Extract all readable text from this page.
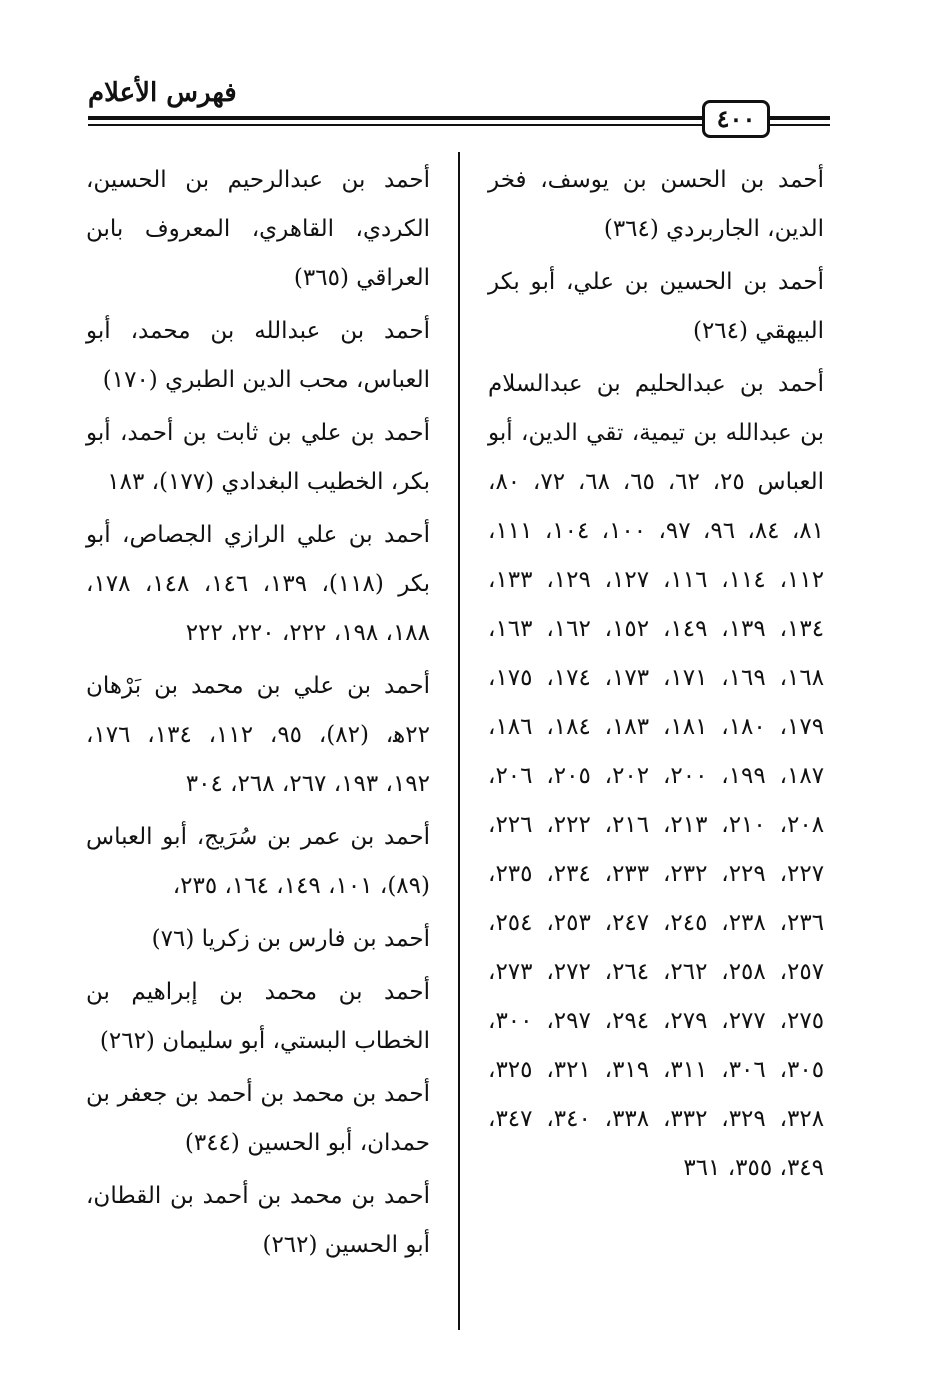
فهرس الأعلام
٤٠٠
أحمد بن الحسن بن يوسف، فخر الدين، الجاربردي (٣٦٤)
أحمد بن الحسين بن علي، أبو بكر البيهقي (٢٦٤)
أحمد بن عبدالحليم بن عبدالسلام بن عبدالله بن تيمية، تقي الدين، أبو العباس ٢٥، ٦٢، ٦٥، ٦٨، ٧٢، ٨٠، ٨١، ٨٤، ٩٦، ٩٧، ١٠٠، ١٠٤، ١١١، ١١٢، ١١٤، ١١٦، ١٢٧، ١٢٩، ١٣٣، ١٣٤، ١٣٩، ١٤٩، ١٥٢، ١٦٢، ١٦٣، ١٦٨، ١٦٩، ١٧١، ١٧٣، ١٧٤، ١٧٥، ١٧٩، ١٨٠، ١٨١، ١٨٣، ١٨٤، ١٨٦، ١٨٧، ١٩٩، ٢٠٠، ٢٠٢، ٢٠٥، ٢٠٦، ٢٠٨، ٢١٠، ٢١٣، ٢١٦، ٢٢٢، ٢٢٦، ٢٢٧، ٢٢٩، ٢٣٢، ٢٣٣، ٢٣٤، ٢٣٥، ٢٣٦، ٢٣٨، ٢٤٥، ٢٤٧، ٢٥٣، ٢٥٤، ٢٥٧، ٢٥٨، ٢٦٢، ٢٦٤، ٢٧٢، ٢٧٣، ٢٧٥، ٢٧٧، ٢٧٩، ٢٩٤، ٢٩٧، ٣٠٠، ٣٠٥، ٣٠٦، ٣١١، ٣١٩، ٣٢١، ٣٢٥، ٣٢٨، ٣٢٩، ٣٣٢، ٣٣٨، ٣٤٠، ٣٤٧، ٣٤٩، ٣٥٥، ٣٦١
أحمد بن عبدالرحيم بن الحسين، الكردي، القاهري، المعروف بابن العراقي (٣٦٥)
أحمد بن عبدالله بن محمد، أبو العباس، محب الدين الطبري (١٧٠)
أحمد بن علي بن ثابت بن أحمد، أبو بكر، الخطيب البغدادي (١٧٧)، ١٨٣
أحمد بن علي الرازي الجصاص، أبو بكر (١١٨)، ١٣٩، ١٤٦، ١٤٨، ١٧٨، ١٨٨، ١٩٨، ٢٢٢، ٢٢٠، ٢٢٢
أحمد بن علي بن محمد بن بَرْهان ٢٢ﻫ، (٨٢)، ٩٥، ١١٢، ١٣٤، ١٧٦، ١٩٢، ١٩٣، ٢٦٧، ٢٦٨، ٣٠٤
أحمد بن عمر بن سُرَيج، أبو العباس (٨٩)، ١٠١، ١٤٩، ١٦٤، ٢٣٥،
أحمد بن فارس بن زكريا (٧٦)
أحمد بن محمد بن إبراهيم بن الخطاب البستي، أبو سليمان (٢٦٢)
أحمد بن محمد بن أحمد بن جعفر بن حمدان، أبو الحسين (٣٤٤)
أحمد بن محمد بن أحمد بن القطان، أبو الحسين (٢٦٢)
